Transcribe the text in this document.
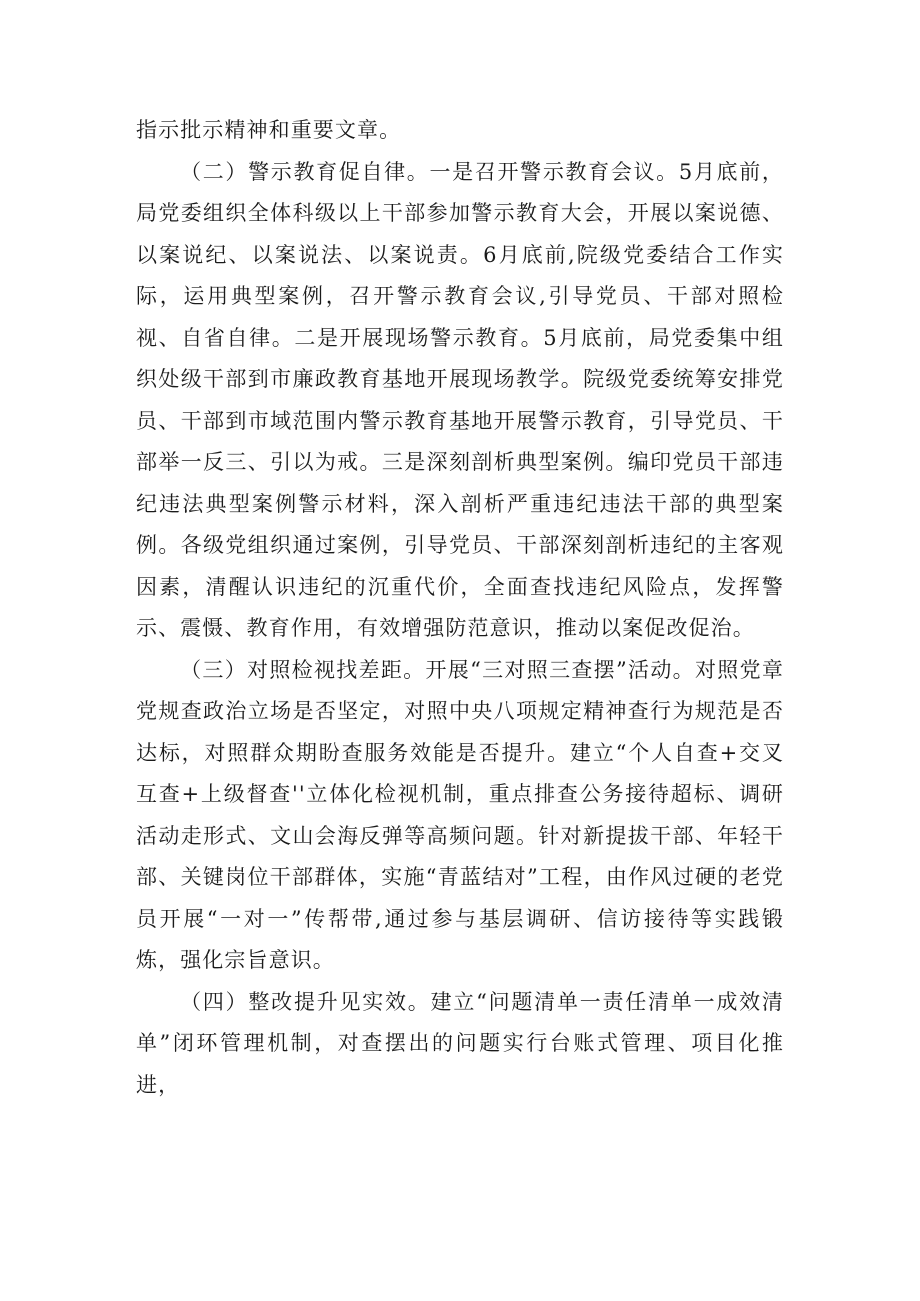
指示批示精神和重要文章。

（二）警示教育促自律。一是召开警示教育会议。5月底前，局党委组织全体科级以上干部参加警示教育大会，开展以案说德、以案说纪、以案说法、以案说责。6月底前,院级党委结合工作实际，运用典型案例，召开警示教育会议,引导党员、干部对照检视、自省自律。二是开展现场警示教育。5月底前，局党委集中组织处级干部到市廉政教育基地开展现场教学。院级党委统筹安排党员、干部到市域范围内警示教育基地开展警示教育，引导党员、干部举一反三、引以为戒。三是深刻剖析典型案例。编印党员干部违纪违法典型案例警示材料，深入剖析严重违纪违法干部的典型案例。各级党组织通过案例，引导党员、干部深刻剖析违纪的主客观因素，清醒认识违纪的沉重代价，全面查找违纪风险点，发挥警示、震慑、教育作用，有效增强防范意识，推动以案促改促治。

（三）对照检视找差距。开展“三对照三查摆”活动。对照党章党规查政治立场是否坚定，对照中央八项规定精神查行为规范是否达标，对照群众期盼查服务效能是否提升。建立“个人自查+交叉互查+上级督查''立体化检视机制，重点排查公务接待超标、调研活动走形式、文山会海反弹等高频问题。针对新提拔干部、年轻干部、关键岗位干部群体，实施“青蓝结对”工程，由作风过硬的老党员开展“一对一”传帮带,通过参与基层调研、信访接待等实践锻炼，强化宗旨意识。

（四）整改提升见实效。建立“问题清单一责任清单一成效清单”闭环管理机制，对查摆出的问题实行台账式管理、项目化推进，
